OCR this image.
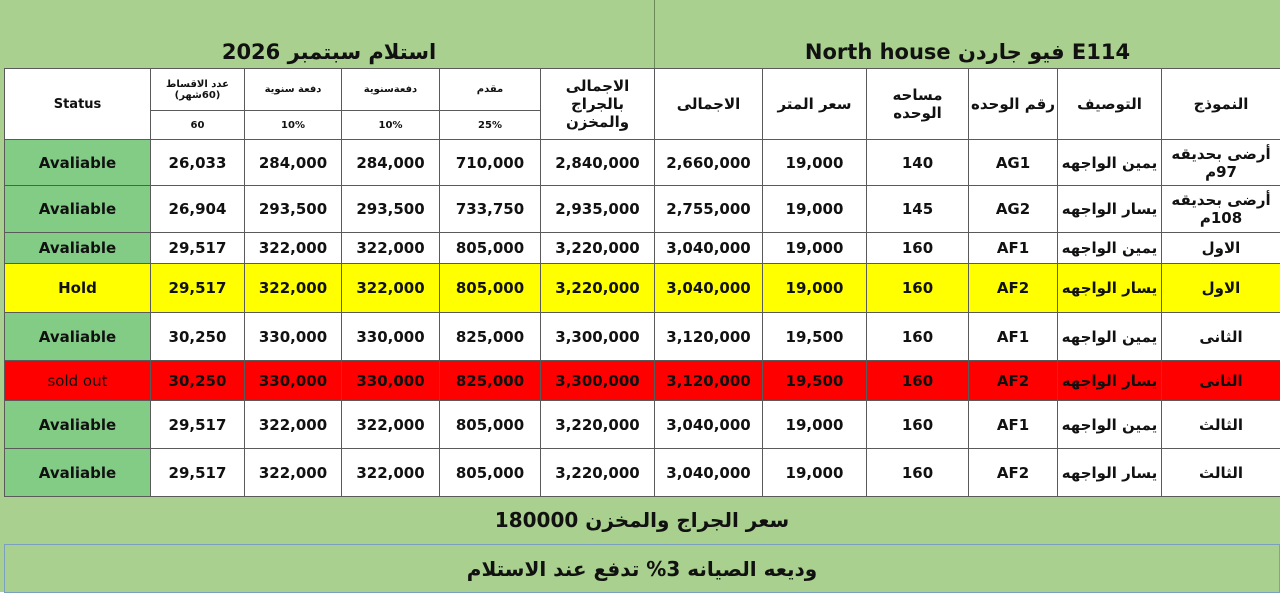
استلام سبتمبر 2026	E114 فيو جاردن North house
Status	عدد الاقساط (60شهر)	دفعة سنوية	دفعةسنوية	مقدم	الاجمالى بالجراج والمخزن	الاجمالى	سعر المتر	مساحه الوحده	رقم الوحده	التوصيف	النموذج
	60	10%	10%	25%							
Avaliable	26,033	284,000	284,000	710,000	2,840,000	2,660,000	19,000	140	AG1	يمين الواجهه	أرضى بحديقه 97م
Avaliable	26,904	293,500	293,500	733,750	2,935,000	2,755,000	19,000	145	AG2	يسار الواجهه	أرضى بحديقه 108م
Avaliable	29,517	322,000	322,000	805,000	3,220,000	3,040,000	19,000	160	AF1	يمين الواجهه	الاول
Hold	29,517	322,000	322,000	805,000	3,220,000	3,040,000	19,000	160	AF2	يسار الواجهه	الاول
Avaliable	30,250	330,000	330,000	825,000	3,300,000	3,120,000	19,500	160	AF1	يمين الواجهه	الثانى
sold out	30,250	330,000	330,000	825,000	3,300,000	3,120,000	19,500	160	AF2	يسار الواجهه	الثانى
Avaliable	29,517	322,000	322,000	805,000	3,220,000	3,040,000	19,000	160	AF1	يمين الواجهه	الثالث
Avaliable	29,517	322,000	322,000	805,000	3,220,000	3,040,000	19,000	160	AF2	يسار الواجهه	الثالث
سعر الجراج والمخزن 180000
وديعه الصيانه 3% تدفع عند الاستلام
